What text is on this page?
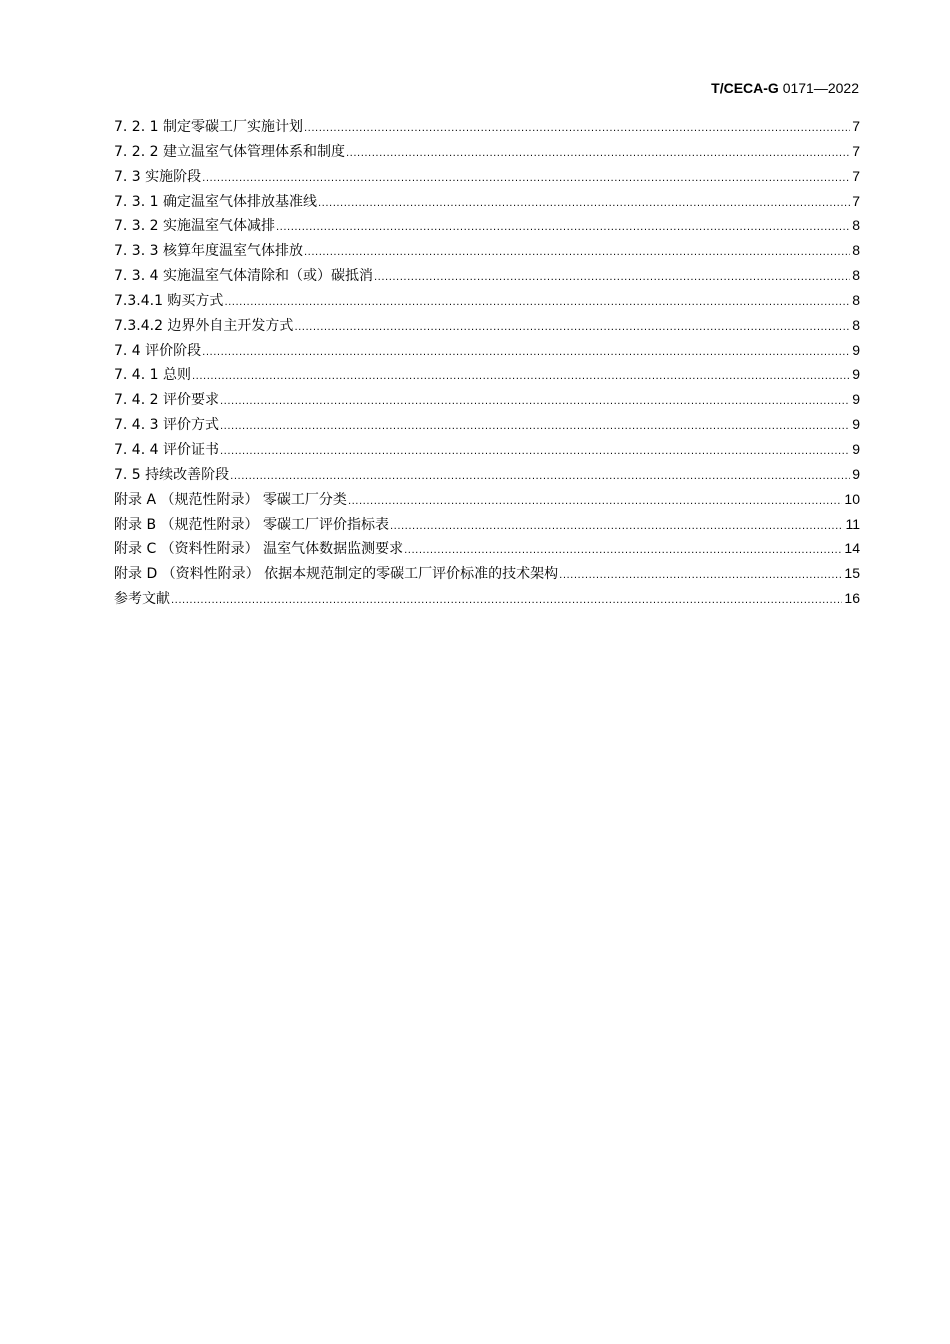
T/CECA-G 0171—2022
7. 2. 1 制定零碳工厂实施计划 .....	7
7. 2. 2 建立温室气体管理体系和制度 .....	7
7. 3 实施阶段 .....	7
7. 3. 1 确定温室气体排放基准线 .....	7
7. 3. 2 实施温室气体减排 .....	8
7. 3. 3 核算年度温室气体排放 .....	8
7. 3. 4 实施温室气体清除和（或）碳抵消 .....	8
7.3.4.1 购买方式 .....	8
7.3.4.2 边界外自主开发方式 .....	8
7. 4 评价阶段 .....	9
7. 4. 1 总则 .....	9
7. 4. 2 评价要求 .....	9
7. 4. 3 评价方式 .....	9
7. 4. 4 评价证书 .....	9
7. 5 持续改善阶段 .....	9
附录 A （规范性附录） 零碳工厂分类 .....	10
附录 B （规范性附录） 零碳工厂评价指标表 .....	11
附录 C （资料性附录） 温室气体数据监测要求 .....	14
附录 D （资料性附录） 依据本规范制定的零碳工厂评价标准的技术架构 .....	15
参考文献 .....	16
